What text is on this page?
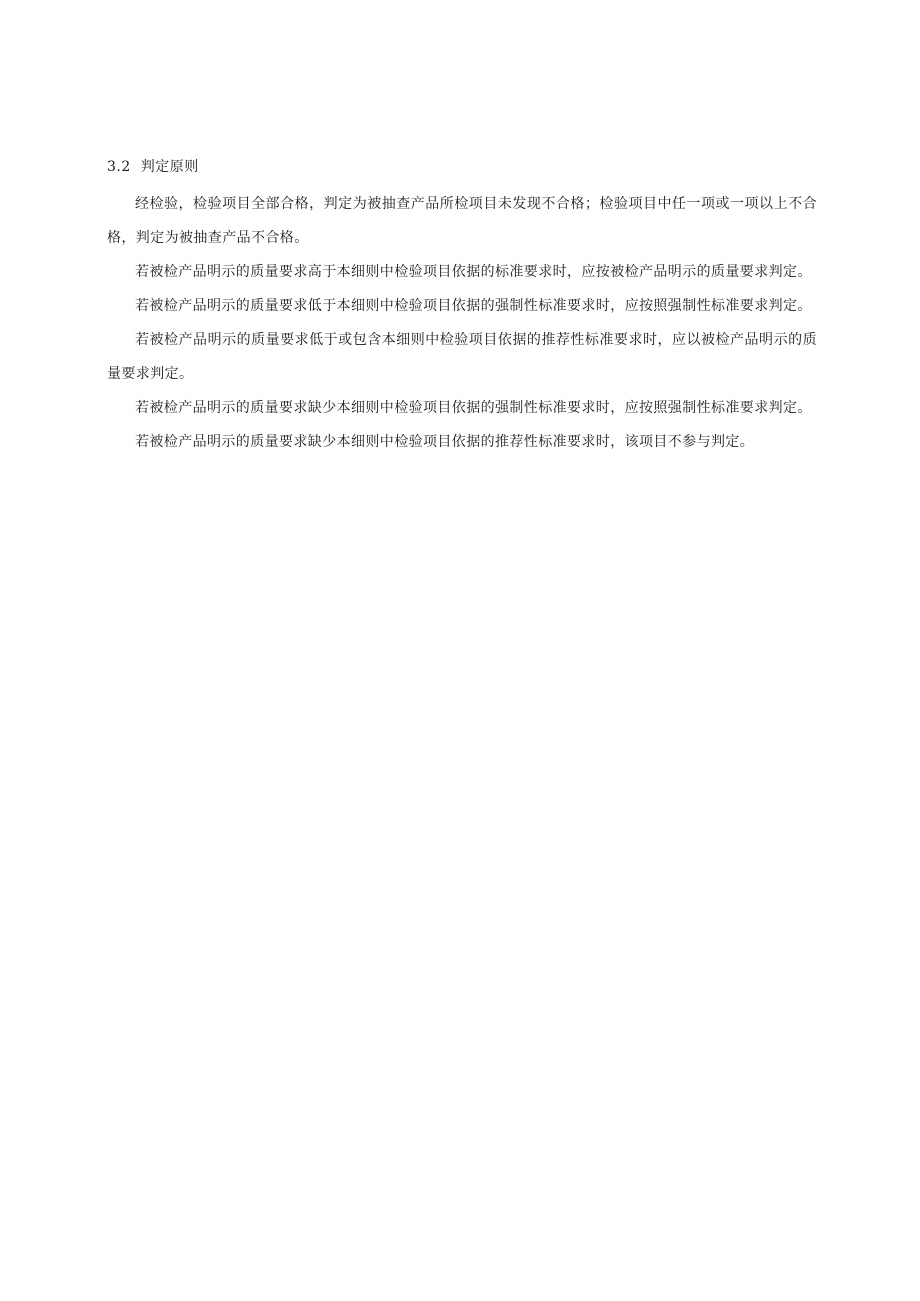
3.2 判定原则

经检验，检验项目全部合格，判定为被抽查产品所检项目未发现不合格；检验项目中任一项或一项以上不合格，判定为被抽查产品不合格。

若被检产品明示的质量要求高于本细则中检验项目依据的标准要求时，应按被检产品明示的质量要求判定。

若被检产品明示的质量要求低于本细则中检验项目依据的强制性标准要求时，应按照强制性标准要求判定。

若被检产品明示的质量要求低于或包含本细则中检验项目依据的推荐性标准要求时，应以被检产品明示的质量要求判定。

若被检产品明示的质量要求缺少本细则中检验项目依据的强制性标准要求时，应按照强制性标准要求判定。

若被检产品明示的质量要求缺少本细则中检验项目依据的推荐性标准要求时，该项目不参与判定。
